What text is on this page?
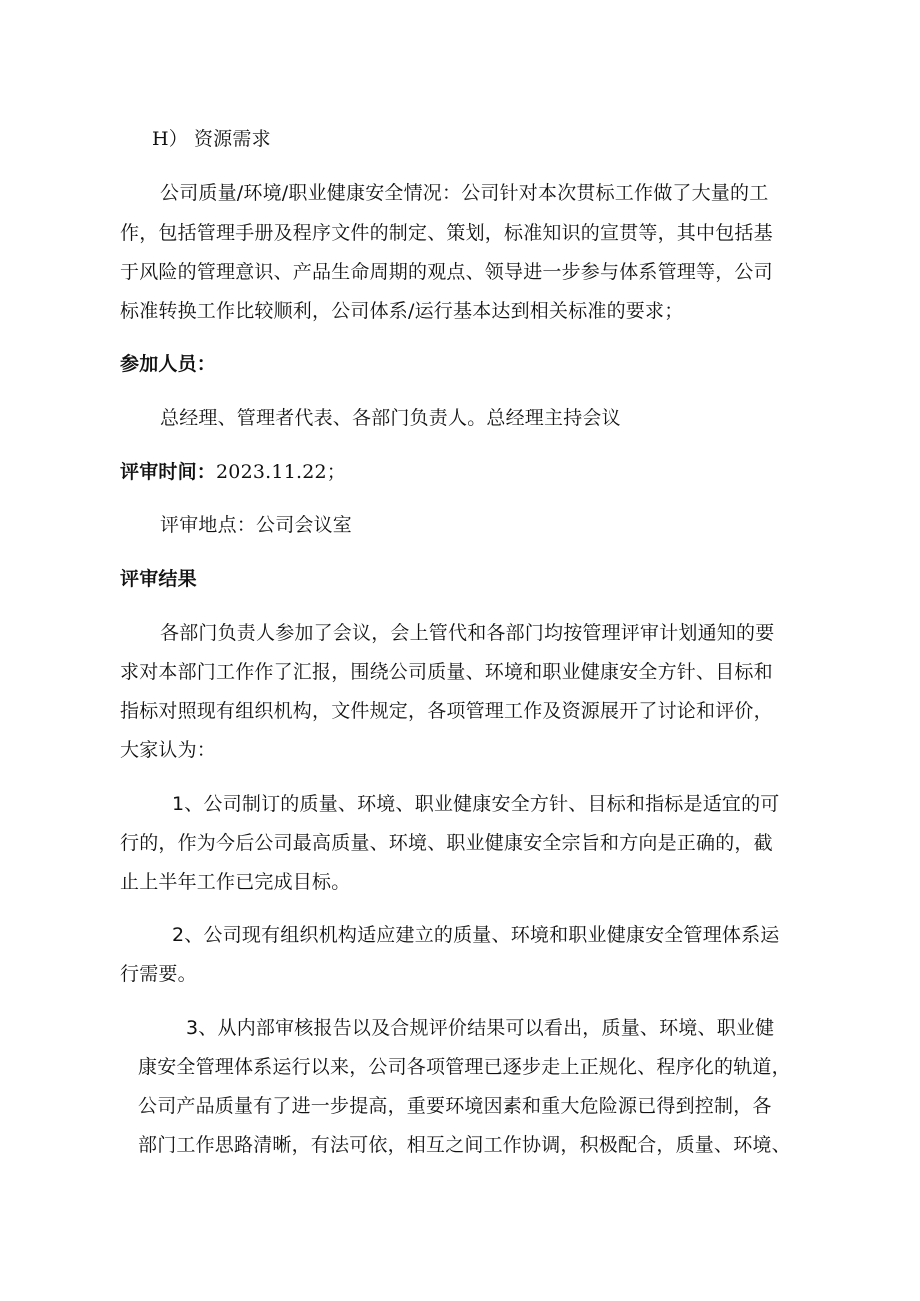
H） 资源需求
公司质量/环境/职业健康安全情况：公司针对本次贯标工作做了大量的工
作，包括管理手册及程序文件的制定、策划，标准知识的宣贯等，其中包括基
于风险的管理意识、产品生命周期的观点、领导进一步参与体系管理等，公司
标准转换工作比较顺利，公司体系/运行基本达到相关标准的要求；
参加人员：
总经理、管理者代表、各部门负责人。总经理主持会议
评审时间：2023.11.22；
评审地点：公司会议室
评审结果
各部门负责人参加了会议，会上管代和各部门均按管理评审计划通知的要
求对本部门工作作了汇报，围绕公司质量、环境和职业健康安全方针、目标和
指标对照现有组织机构，文件规定，各项管理工作及资源展开了讨论和评价，
大家认为：
1、公司制订的质量、环境、职业健康安全方针、目标和指标是适宜的可
行的，作为今后公司最高质量、环境、职业健康安全宗旨和方向是正确的，截
止上半年工作已完成目标。
2、公司现有组织机构适应建立的质量、环境和职业健康安全管理体系运
行需要。
3、从内部审核报告以及合规评价结果可以看出，质量、环境、职业健
康安全管理体系运行以来，公司各项管理已逐步走上正规化、程序化的轨道，
公司产品质量有了进一步提高，重要环境因素和重大危险源已得到控制，各
部门工作思路清晰，有法可依，相互之间工作协调，积极配合，质量、环境、
